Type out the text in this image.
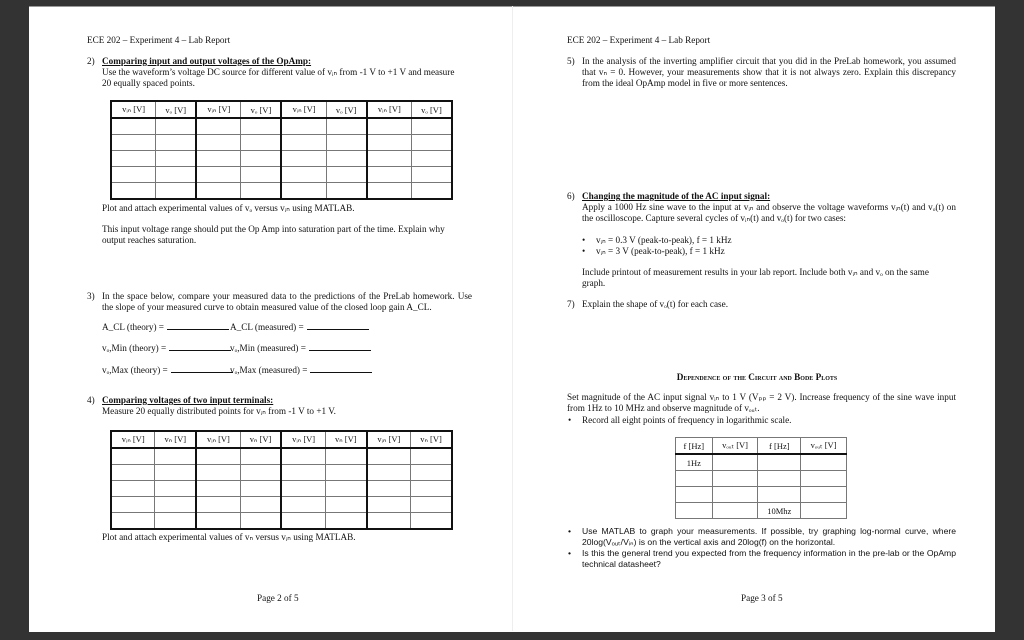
ECE 202 – Experiment 4 – Lab Report
2) Comparing input and output voltages of the OpAmp:
Use the waveform’s voltage DC source for different value of vᵢₙ from -1 V to +1 V and measure
20 equally spaced points.
vᵢₙ [V]	vₒ [V]	vᵢₙ [V]	vₒ [V]	vᵢₙ [V]	vₒ [V]	vᵢₙ [V]	vₒ [V]

Plot and attach experimental values of vₒ versus vᵢₙ using MATLAB.
This input voltage range should put the Op Amp into saturation part of the time. Explain why output reaches saturation.
3) In the space below, compare your measured data to the predictions of the PreLab homework. Use the slope of your measured curve to obtain measured value of the closed loop gain A_CL.
A_CL (theory) =	A_CL (measured) =
vₒ,Min (theory) =	vₒ,Min (measured) =
vₒ,Max (theory) =	vₒ,Max (measured) =
4) Comparing voltages of two input terminals:
Measure 20 equally distributed points for vᵢₙ from -1 V to +1 V.
vᵢₙ [V]	vₙ [V]	vᵢₙ [V]	vₙ [V]	vᵢₙ [V]	vₙ [V]	vᵢₙ [V]	vₙ [V]

Plot and attach experimental values of vₙ versus vᵢₙ using MATLAB.
Page 2 of 5
ECE 202 – Experiment 4 – Lab Report
5) In the analysis of the inverting amplifier circuit that you did in the PreLab homework, you assumed that vₙ = 0. However, your measurements show that it is not always zero. Explain this discrepancy from the ideal OpAmp model in five or more sentences.
6) Changing the magnitude of the AC input signal:
Apply a 1000 Hz sine wave to the input at vᵢₙ and observe the voltage waveforms vᵢₙ(t) and vₒ(t) on the oscilloscope. Capture several cycles of vᵢₙ(t) and vₒ(t) for two cases:
• vᵢₙ = 0.3 V (peak-to-peak), f = 1 kHz
• vᵢₙ = 3 V (peak-to-peak), f = 1 kHz
Include printout of measurement results in your lab report. Include both vᵢₙ and vₒ on the same graph.
7) Explain the shape of vₒ(t) for each case.
Dependence of the Circuit and Bode Plots
Set magnitude of the AC input signal vᵢₙ to 1 V (Vₚₚ = 2 V). Increase frequency of the sine wave input from 1Hz to 10 MHz and observe magnitude of vₒᵤₜ.
• Record all eight points of frequency in logarithmic scale.
f [Hz]	vₒᵤₜ [V]	f [Hz]	vₒᵤₜ [V]
1Hz			

		10Mhz	
• Use MATLAB to graph your measurements. If possible, try graphing log-normal curve, where 20log(Vₒᵤₜ/Vᵢₙ) is on the vertical axis and 20log(f) on the horizontal.
• Is this the general trend you expected from the frequency information in the pre-lab or the OpAmp technical datasheet?
Page 3 of 5
